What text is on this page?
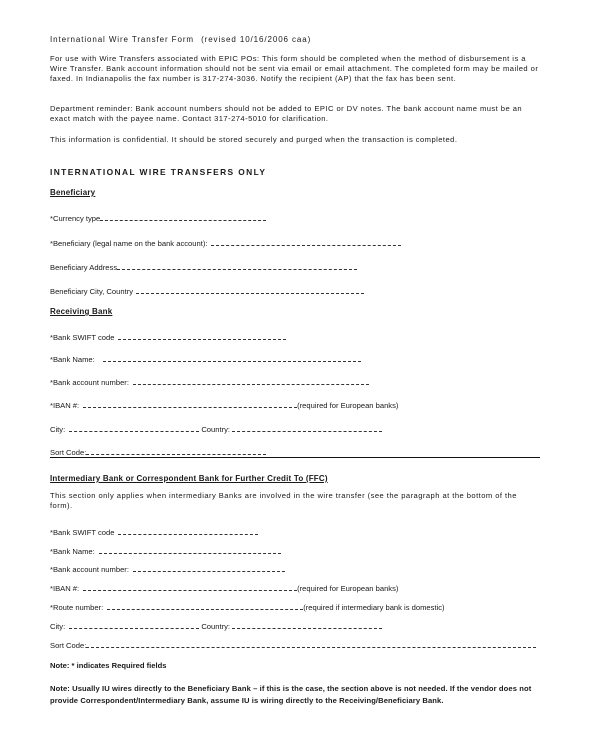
International Wire Transfer Form (revised 10/16/2006 caa)
For use with Wire Transfers associated with EPIC POs: This form should be completed when the method of disbursement is a Wire Transfer. Bank account information should not be sent via email or email attachment. The completed form may be mailed or faxed. In Indianapolis the fax number is 317-274-3036. Notify the recipient (AP) that the fax has been sent.
Department reminder: Bank account numbers should not be added to EPIC or DV notes. The bank account name must be an exact match with the payee name. Contact 317-274-5010 for clarification.
This information is confidential. It should be stored securely and purged when the transaction is completed.
INTERNATIONAL WIRE TRANSFERS ONLY
Beneficiary
*Currency type
*Beneficiary (legal name on the bank account):
Beneficiary Address
Beneficiary City, Country
Receiving Bank
*Bank SWIFT code
*Bank Name:
*Bank account number:
*IBAN #:	(required for European banks)
City:	Country:
Sort Code:
Intermediary Bank or Correspondent Bank for Further Credit To (FFC)
This section only applies when intermediary Banks are involved in the wire transfer (see the paragraph at the bottom of the form).
*Bank SWIFT code
*Bank Name:
*Bank account number:
*IBAN #:	(required for European banks)
*Route number:	(required if intermediary bank is domestic)
City:	Country:
Sort Code:
Note: * indicates Required fields
Note: Usually IU wires directly to the Beneficiary Bank – if this is the case, the section above is not needed. If the vendor does not provide Correspondent/Intermediary Bank, assume IU is wiring directly to the Receiving/Beneficiary Bank.
